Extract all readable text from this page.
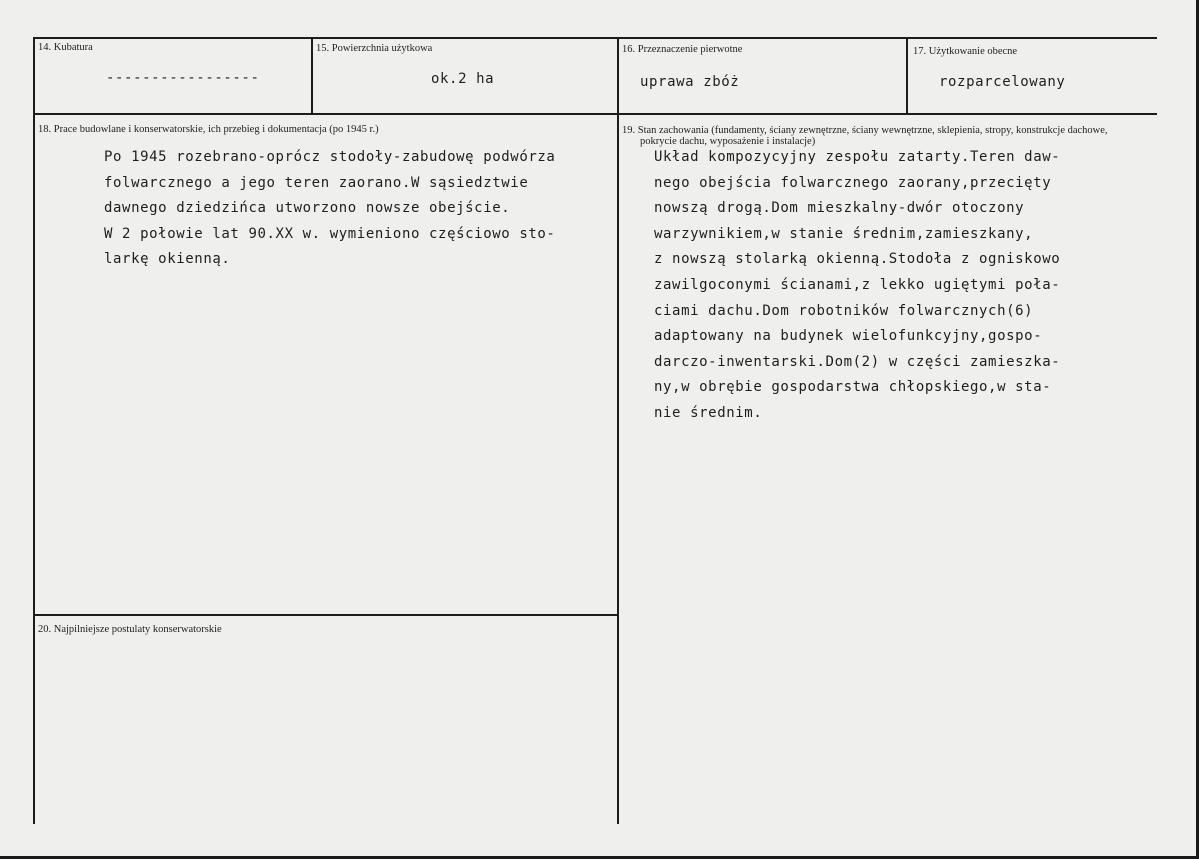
14. Kubatura
-----------------
15. Powierzchnia użytkowa
ok.2 ha
16. Przeznaczenie pierwotne
uprawa zbóż
17. Użytkowanie obecne
rozparcelowany
18. Prace budowlane i konserwatorskie, ich przebieg i dokumentacja (po 1945 r.)
Po 1945 rozebrano-oprócz stodoły-zabudowę podwórza
folwarcznego a jego teren zaorano.W sąsiedztwie
dawnego dziedzińca utworzono nowsze obejście.
W 2 połowie lat 90.XX w. wymieniono częściowo sto-
larkę okienną.
19. Stan zachowania (fundamenty, ściany zewnętrzne, ściany wewnętrzne, sklepienia, stropy, konstrukcje dachowe,
pokrycie dachu, wyposażenie i instalacje)
Układ kompozycyjny zespołu zatarty.Teren daw-
nego obejścia folwarcznego zaorany,przecięty
nowszą drogą.Dom mieszkalny-dwór otoczony
warzywnikiem,w stanie średnim,zamieszkany,
z nowszą stolarką okienną.Stodoła z ogniskowo
zawilgoconymi ścianami,z lekko ugiętymi poła-
ciami dachu.Dom robotników folwarcznych(6)
adaptowany na budynek wielofunkcyjny,gospo-
darczo-inwentarski.Dom(2) w części zamieszka-
ny,w obrębie gospodarstwa chłopskiego,w sta-
nie średnim.
20. Najpilniejsze postulaty konserwatorskie
